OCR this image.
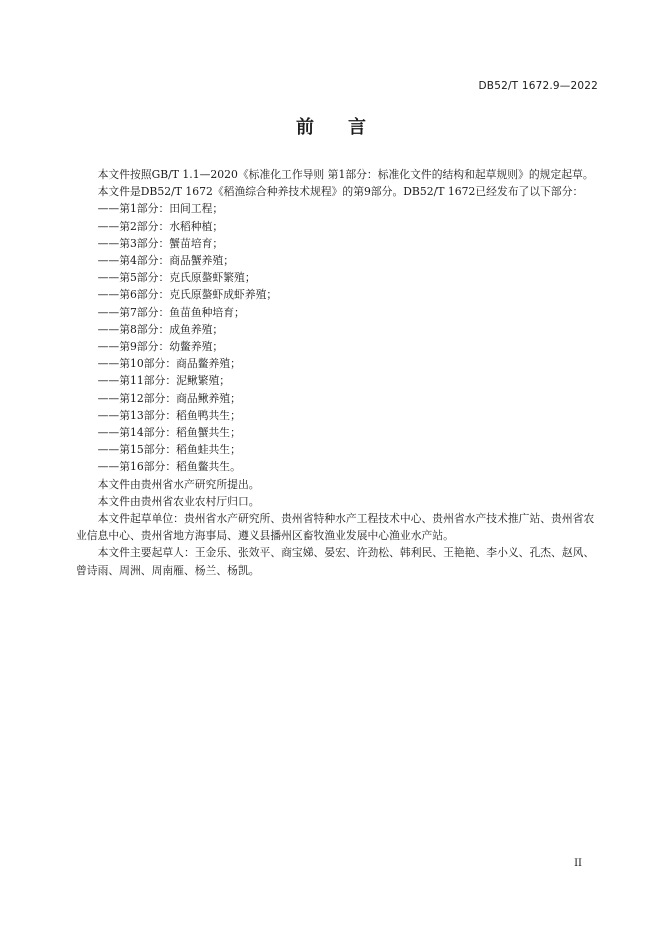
DB52/T 1672.9—2022
前 言

本文件按照GB/T 1.1—2020《标准化工作导则 第1部分：标准化文件的结构和起草规则》的规定起草。

本文件是DB52/T 1672《稻渔综合种养技术规程》的第9部分。DB52/T 1672已经发布了以下部分：

——第1部分：田间工程；

——第2部分：水稻种植；

——第3部分：蟹苗培育；

——第4部分：商品蟹养殖；

——第5部分：克氏原螯虾繁殖；

——第6部分：克氏原螯虾成虾养殖；

——第7部分：鱼苗鱼种培育；

——第8部分：成鱼养殖；

——第9部分：幼鳖养殖；

——第10部分：商品鳖养殖；

——第11部分：泥鳅繁殖；

——第12部分：商品鳅养殖；

——第13部分：稻鱼鸭共生；

——第14部分：稻鱼蟹共生；

——第15部分：稻鱼蛙共生；

——第16部分：稻鱼鳖共生。

本文件由贵州省水产研究所提出。

本文件由贵州省农业农村厅归口。

本文件起草单位：贵州省水产研究所、贵州省特种水产工程技术中心、贵州省水产技术推广站、贵州省农业信息中心、贵州省地方海事局、遵义县播州区畜牧渔业发展中心渔业水产站。

本文件主要起草人：王金乐、张效平、商宝娣、晏宏、许劲松、韩利民、王艳艳、李小义、孔杰、赵风、曾诗雨、周洲、周南雁、杨兰、杨凯。

II
